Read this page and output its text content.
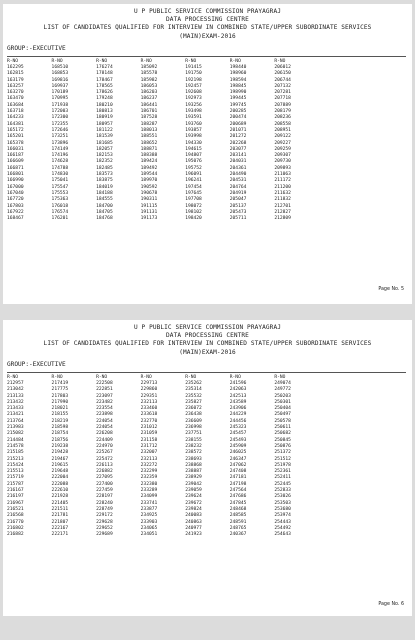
U P PUBLIC SERVICE COMMISSION PRAYAGRAJ
DATA PROCESSING CENTRE
LIST OF CANDIDATES QUALIFIED FOR INTERVIEW IN COMBINED STATE/UPPER SUBORDINATE SERVICES
(MAIN)EXAM-2016
GROUP:-EXECUTIVE
R-NO
162295
162815
163179
163257
163270
163470
163684
163718
164233
164381
165172
165201
165378
166031
166187
166609
166871
166801
166990
167000
167040
167720
167803
167922
168467
R-NO
168510
168853
169816
169937
170189
170995
171938
172003
172300
172355
172646
173251
173896
174149
174196
174628
174788
174830
175041
175547
175553
175363
176018
176574
176201
R-NO
176274
178148
178467
178565
178626
179248
180210
180813
180919
180957
181122
181539
181685
182057
182153
182352
182485
183573
183875
184019
184188
184555
184700
184705
184768
R-NO
185092
185578
185982
186053
186203
186237
186441
186701
187528
188287
188013
188551
188652
188871
188388
189424
189492
189544
189970
190592
190678
190311
191115
191131
191173
R-NO
191415
191750
192198
192457
192608
192973
193256
193498
193591
193760
193857
193998
194330
194615
194807
195076
195752
196091
196241
197454
197645
197708
198072
198102
198420
R-NO
198440
198960
198594
198845
198990
199445
199745
200285
200474
200689
201071
201272
202268
203077
203141
204031
204361
204490
204531
204764
204919
205047
205137
205473
205711
R-NO
206012
206150
206744
207132
207281
207718
207889
208179
208236
208558
208951
209122
209227
209259
209307
209730
209893
211063
211172
211200
211632
211832
212701
212827
212809
Page No. 5
U P PUBLIC SERVICE COMMISSION PRAYAGRAJ
DATA PROCESSING CENTRE
LIST OF CANDIDATES QUALIFIED FOR INTERVIEW IN COMBINED STATE/UPPER SUBORDINATE SERVICES
(MAIN)EXAM-2016
GROUP:-EXECUTIVE
R-NO
212957
213042
213133
213432
213433
213421
213764
213983
215082
214484
214578
215185
215213
215424
215513
215719
215787
216167
216197
216967
216521
216568
216770
216802
216882
R-NO
217419
217775
217803
217990
218021
218155
218219
218598
218754
218756
219238
219428
219467
219615
219648
222004
222088
222610
221928
221405
221511
221781
221807
222167
222171
R-NO
222508
222851
223097
223482
223554
223898
224054
224054
226208
224409
224970
225267
225472
226113
226882
227095
227400
227459
228197
228240
228749
229172
229628
229652
229689
R-NO
229713
229860
229351
232113
233460
233618
232770
231012
231059
231158
231712
232007
232113
232272
232299
232359
232380
233289
234099
233741
233877
234925
233903
234065
234051
R-NO
235262
235314
235532
235827
236072
236438
236609
236998
237751
238155
238232
238572
238693
238868
238887
238929
239042
239059
239624
239672
239824
240083
240863
240977
241923
R-NO
241596
242063
242513
243589
243906
244229
244456
245323
245457
245493
245909
246025
246347
247062
247408
247181
247198
247564
247686
247845
248468
248585
248591
248765
240367
R-NO
249074
249772
250203
250301
250404
250497
250578
250611
250682
250845
250876
251372
251512
251978
252361
252411
252445
252833
253026
253503
253680
253974
254443
254492
254643
Page No. 6
